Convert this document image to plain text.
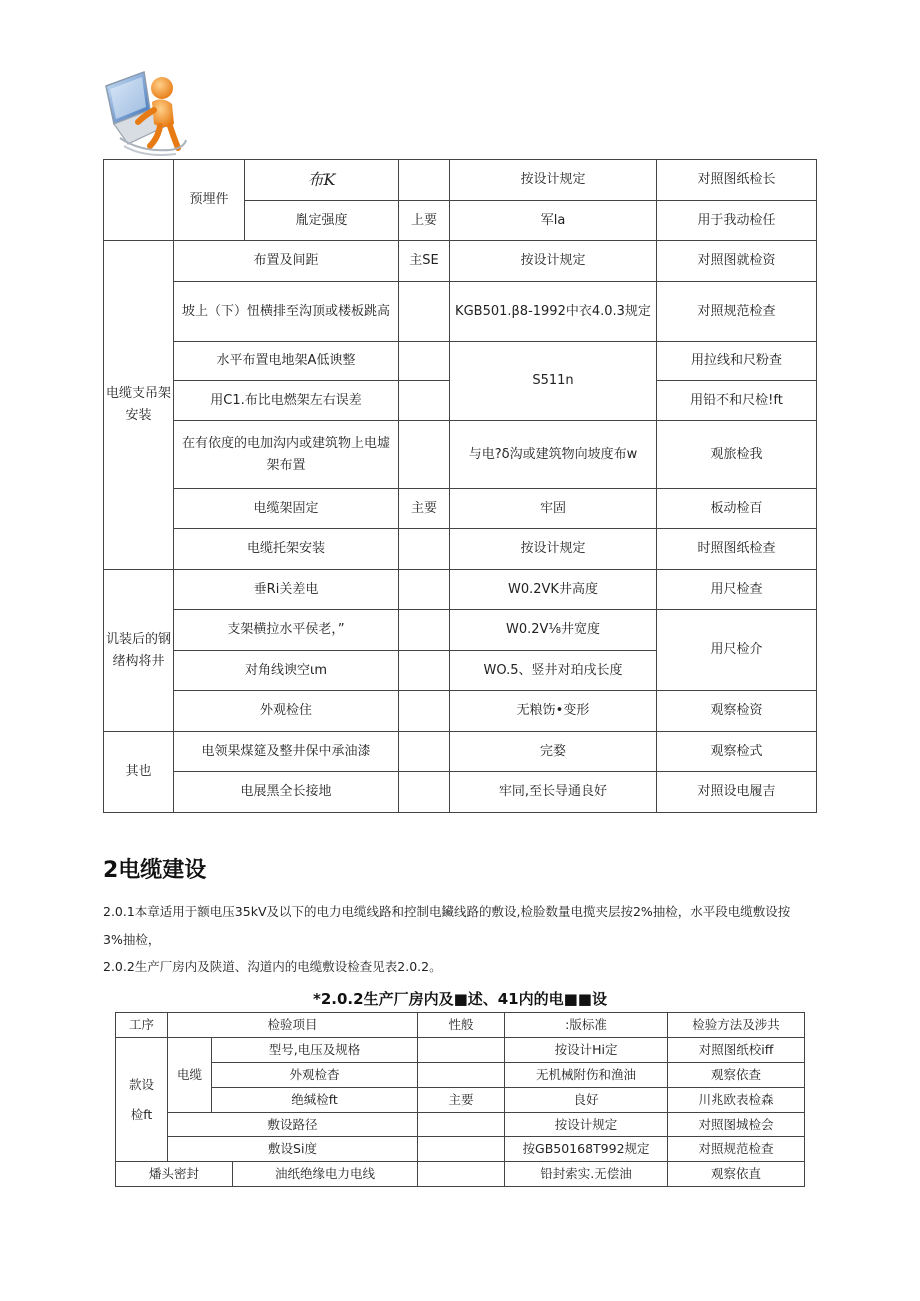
	预埋件	布K		按设计规定	对照图纸检长
		胤定强度	上要	军la	用于我动检任
电缆支吊架安装	布置及间距		主SE	按设计规定	对照图就检资
	坡上（下）忸横排至沟顶或楼板跳高			KGB501.β8-1992中衣4.0.3规定	对照规范检查
	水平布置电地架A低谀整			S511n	用拉线和尺粉查
	用C1.布比电燃架左右误差				用铅不和尺检!ft
	在有依度的电加沟内或建筑物上电墟架布置			与电?δ沟或建筑物向坡度布w	观旅检我
	电缆架固定		主要	牢固	板动检百
	电缆托架安装			按设计规定	时照图纸检查
讥装后的钢绪构将井	垂Ri关差电			W0.2VK井高度	用尺检查
	支架横拉水平侯老，”			W0.2V⅛井宽度	用尺检介
	对角线谀空ιm			WO.5、竖井对珀戌长度	
	外观检住			无粮饬•变形	观察检资
其也	电领果煤筵及整井保中承油漆			完婺	观察检式
	电展黑全长接地			牢同,至长导通良好	对照设电履吉
2电缆建设

2.0.1本章适用于额电压35kV及以下的电力电缆线路和控制电鑶线路的敷设,检脸数量电揽夹层按2%抽检，水平段电缆敷设按

3%抽检，

2.0.2生产厂房内及陕道、沟道内的电缆敷设检查见表2.0.2。

*2.0.2生产厂房内及■述、41内的电■■设

工序	检验项目			性般	:版标准	检验方法及涉共
款设
检ft	电缆	型号,电压及规格			按设计Hi定	对照图纸校iff
		外观检杳			无机械附伤和渔油	观察依查
		绝缄检ft		主要	良好	川兆欧表检森
	敷设路径				按设计规定	对照图城检会
	敷设Si度				按GB50168T992规定	对照规范检查
燔头密封			油纸绝缘电力电线		铅封索实.无偿油	观察依直
